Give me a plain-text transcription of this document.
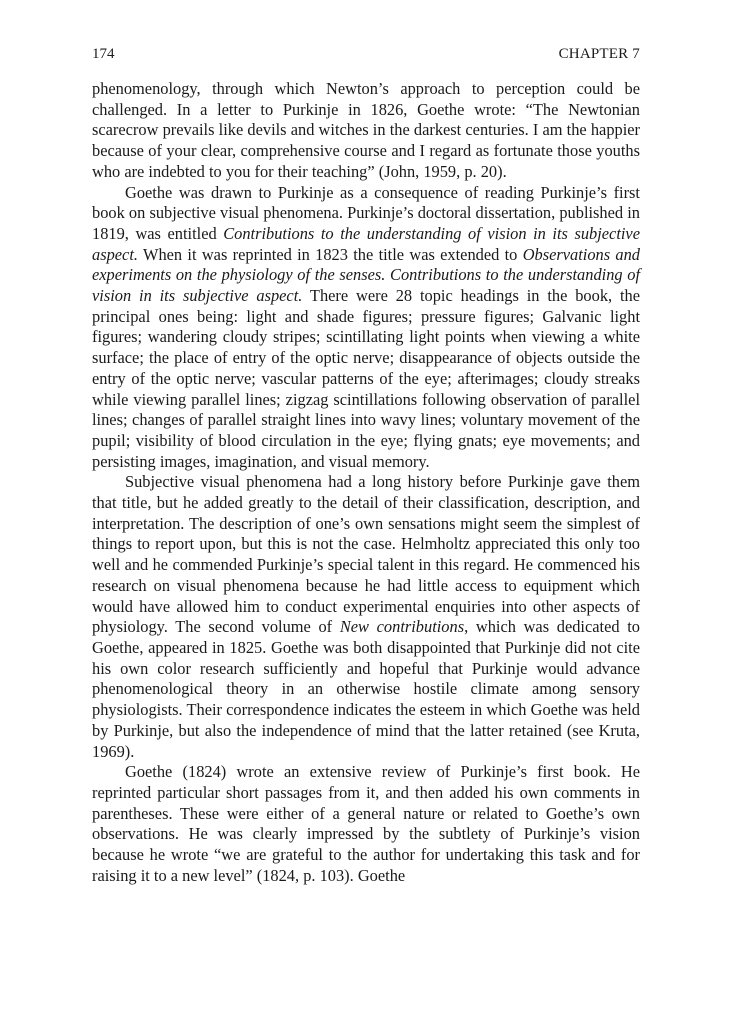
174	CHAPTER 7

phenomenology, through which Newton’s approach to perception could be challenged. In a letter to Purkinje in 1826, Goethe wrote: “The Newtonian scarecrow prevails like devils and witches in the darkest centuries. I am the happier because of your clear, comprehensive course and I regard as fortunate those youths who are indebted to you for their teaching” (John, 1959, p. 20).

Goethe was drawn to Purkinje as a consequence of reading Purkinje’s first book on subjective visual phenomena. Purkinje’s doctoral dissertation, published in 1819, was entitled Contributions to the understanding of vision in its subjective aspect. When it was reprinted in 1823 the title was extended to Observations and experiments on the physiology of the senses. Contributions to the understanding of vision in its subjective aspect. There were 28 topic headings in the book, the principal ones being: light and shade figures; pressure figures; Galvanic light figures; wandering cloudy stripes; scintillating light points when viewing a white surface; the place of entry of the optic nerve; disappearance of objects outside the entry of the optic nerve; vascular patterns of the eye; afterimages; cloudy streaks while viewing parallel lines; zigzag scintillations following observation of parallel lines; changes of parallel straight lines into wavy lines; voluntary movement of the pupil; visibility of blood circulation in the eye; flying gnats; eye movements; and persisting images, imagination, and visual memory.

Subjective visual phenomena had a long history before Purkinje gave them that title, but he added greatly to the detail of their classification, description, and interpretation. The description of one’s own sensations might seem the simplest of things to report upon, but this is not the case. Helmholtz appreciated this only too well and he commended Purkinje’s special talent in this regard. He commenced his research on visual phenomena because he had little access to equipment which would have allowed him to conduct experimental enquiries into other aspects of physiology. The second volume of New contributions, which was dedicated to Goethe, appeared in 1825. Goethe was both disappointed that Purkinje did not cite his own color research sufficiently and hopeful that Purkinje would advance phenomenological theory in an otherwise hostile climate among sensory physiologists. Their correspondence indicates the esteem in which Goethe was held by Purkinje, but also the independence of mind that the latter retained (see Kruta, 1969).

Goethe (1824) wrote an extensive review of Purkinje’s first book. He reprinted particular short passages from it, and then added his own comments in parentheses. These were either of a general nature or related to Goethe’s own observations. He was clearly impressed by the subtlety of Purkinje’s vision because he wrote “we are grateful to the author for undertaking this task and for raising it to a new level” (1824, p. 103). Goethe
